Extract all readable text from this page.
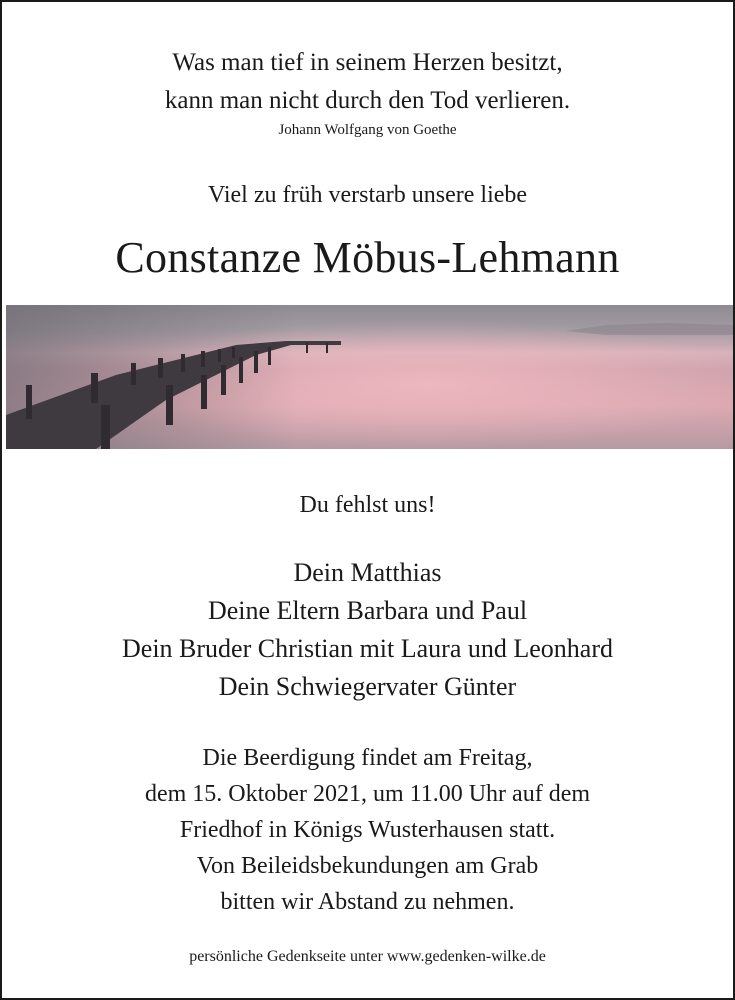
Was man tief in seinem Herzen besitzt,
kann man nicht durch den Tod verlieren.
Johann Wolfgang von Goethe
Viel zu früh verstarb unsere liebe
Constanze Möbus-Lehmann
Du fehlst uns!
Dein Matthias
Deine Eltern Barbara und Paul
Dein Bruder Christian mit Laura und Leonhard
Dein Schwiegervater Günter
Die Beerdigung findet am Freitag,
dem 15. Oktober 2021, um 11.00 Uhr auf dem
Friedhof in Königs Wusterhausen statt.
Von Beileidsbekundungen am Grab
bitten wir Abstand zu nehmen.
persönliche Gedenkseite unter www.gedenken-wilke.de
